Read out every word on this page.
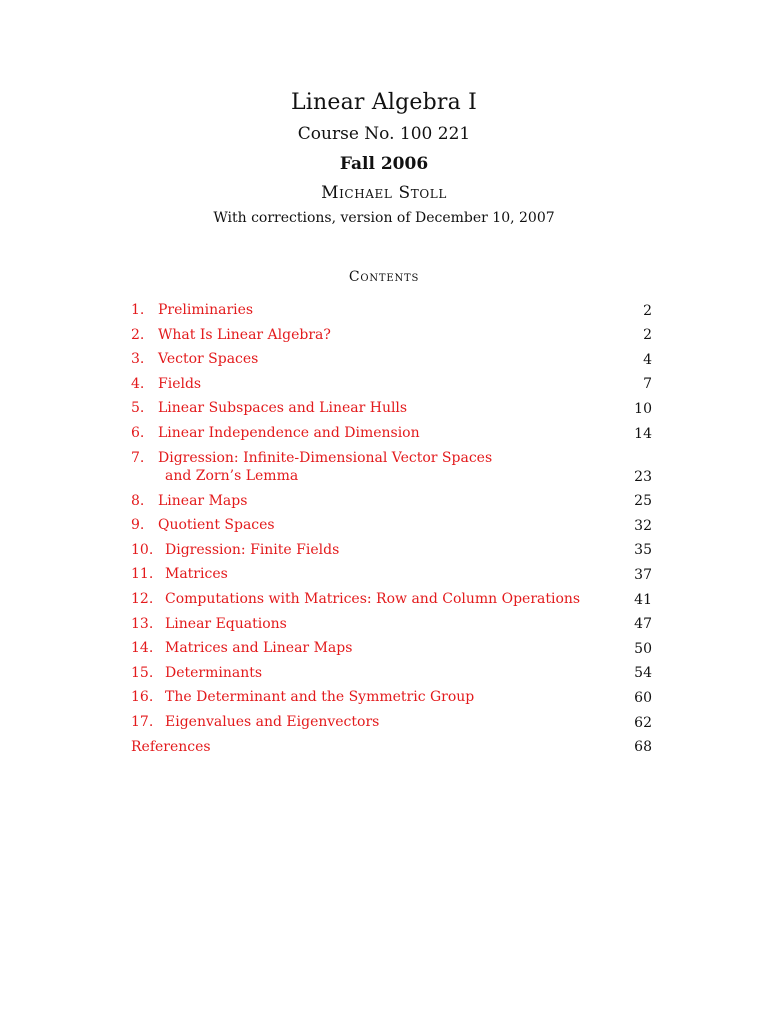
Linear Algebra I
Course No. 100 221
Fall 2006
Michael Stoll
With corrections, version of December 10, 2007
Contents
1. Preliminaries	2
2. What Is Linear Algebra?	2
3. Vector Spaces	4
4. Fields	7
5. Linear Subspaces and Linear Hulls	10
6. Linear Independence and Dimension	14
7. Digression: Infinite-Dimensional Vector Spaces
and Zorn’s Lemma	23
8. Linear Maps	25
9. Quotient Spaces	32
10. Digression: Finite Fields	35
11. Matrices	37
12. Computations with Matrices: Row and Column Operations	41
13. Linear Equations	47
14. Matrices and Linear Maps	50
15. Determinants	54
16. The Determinant and the Symmetric Group	60
17. Eigenvalues and Eigenvectors	62
References	68
